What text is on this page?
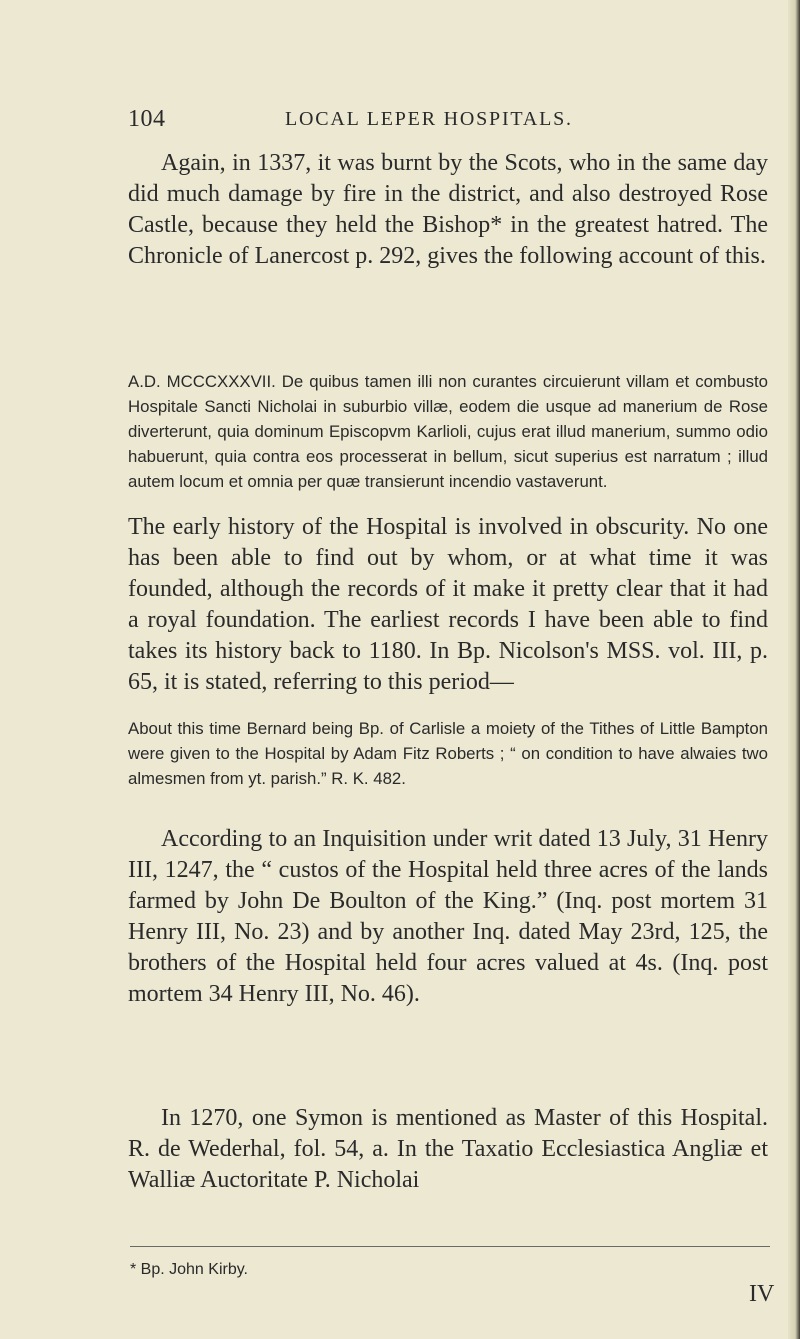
104	LOCAL LEPER HOSPITALS.

Again, in 1337, it was burnt by the Scots, who in the same day did much damage by fire in the district, and also destroyed Rose Castle, because they held the Bishop* in the greatest hatred. The Chronicle of Lanercost p. 292, gives the following account of this.

A.D. MCCCXXXVII. De quibus tamen illi non curantes circuierunt villam et combusto Hospitale Sancti Nicholai in suburbio villæ, eodem die usque ad manerium de Rose diverterunt, quia dominum Episcopvm Karlioli, cujus erat illud manerium, summo odio habuerunt, quia contra eos processerat in bellum, sicut superius est narratum ; illud autem locum et omnia per quæ transierunt incendio vastaverunt.

The early history of the Hospital is involved in obscurity. No one has been able to find out by whom, or at what time it was founded, although the records of it make it pretty clear that it had a royal foundation. The earliest records I have been able to find takes its history back to 1180. In Bp. Nicolson's MSS. vol. III, p. 65, it is stated, referring to this period—

About this time Bernard being Bp. of Carlisle a moiety of the Tithes of Little Bampton were given to the Hospital by Adam Fitz Roberts ; “ on condition to have alwaies two almesmen from yt. parish.” R. K. 482.

According to an Inquisition under writ dated 13 July, 31 Henry III, 1247, the “ custos of the Hospital held three acres of the lands farmed by John De Boulton of the King.” (Inq. post mortem 31 Henry III, No. 23) and by another Inq. dated May 23rd, 125, the brothers of the Hospital held four acres valued at 4s. (Inq. post mortem 34 Henry III, No. 46).

In 1270, one Symon is mentioned as Master of this Hospital. R. de Wederhal, fol. 54, a. In the Taxatio Ecclesiastica Angliæ et Walliæ Auctoritate P. Nicholai

* Bp. John Kirby.
IV
